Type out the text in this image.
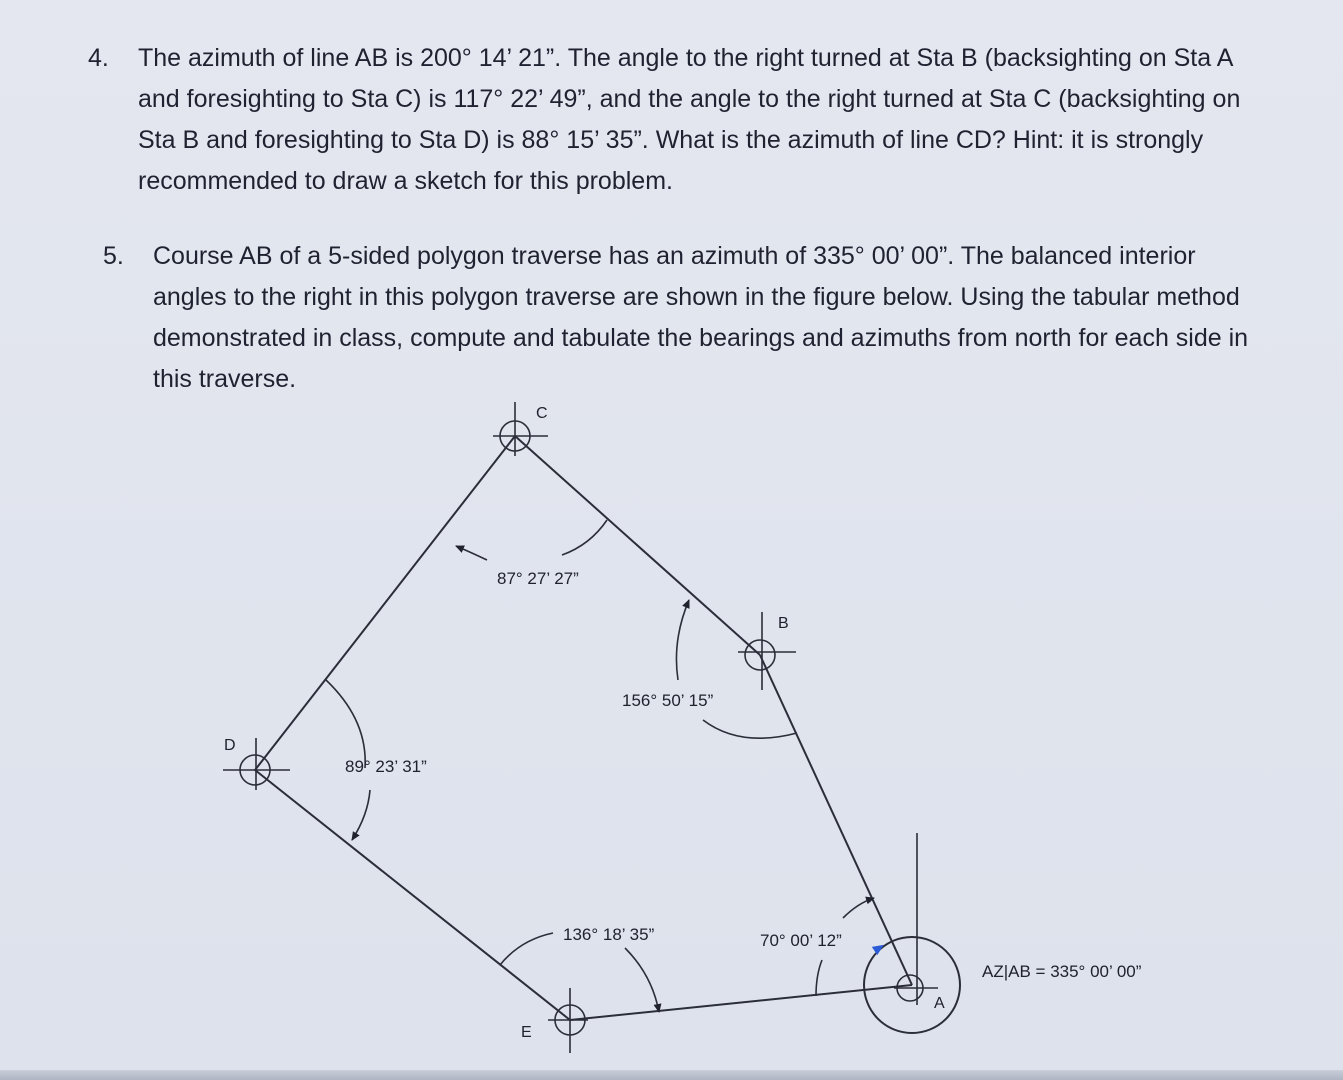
4. The azimuth of line AB is 200° 14’ 21”. The angle to the right turned at Sta B (backsighting on Sta A and foresighting to Sta C) is 117° 22’ 49”, and the angle to the right turned at Sta C (backsighting on Sta B and foresighting to Sta D) is 88° 15’ 35”. What is the azimuth of line CD? Hint: it is strongly recommended to draw a sketch for this problem.
5. Course AB of a 5-sided polygon traverse has an azimuth of 335° 00’ 00”. The balanced interior angles to the right in this polygon traverse are shown in the figure below. Using the tabular method demonstrated in class, compute and tabulate the bearings and azimuths from north for each side in this traverse.
C
B
D
E
A
87° 27’ 27”
156° 50’ 15”
89° 23’ 31”
136° 18’ 35”	70° 00’ 12”
AZ|AB = 335° 00’ 00”
